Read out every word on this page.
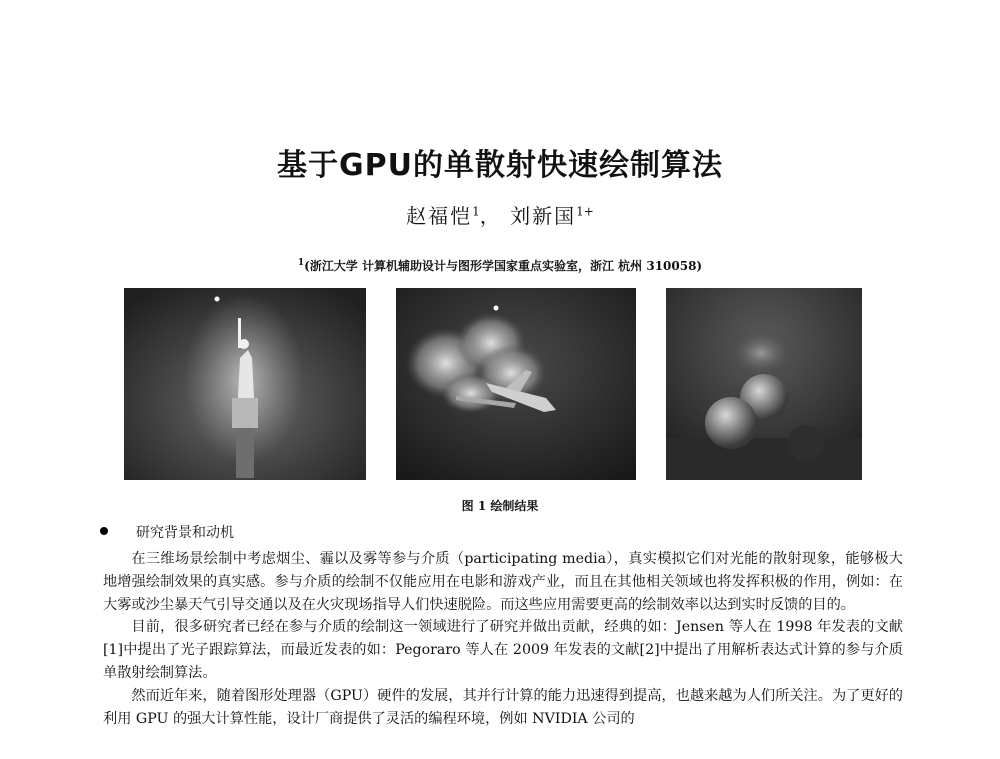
基于GPU的单散射快速绘制算法
赵福恺$^1$， 刘新国$^{1+}$
$^1$(浙江大学 计算机辅助设计与图形学国家重点实验室，浙江 杭州 310058)
图 1 绘制结果
研究背景和动机

在三维场景绘制中考虑烟尘、霾以及雾等参与介质（participating media），真实模拟它们对光能的散射现象，能够极大地增强绘制效果的真实感。参与介质的绘制不仅能应用在电影和游戏产业，而且在其他相关领域也将发挥积极的作用，例如：在大雾或沙尘暴天气引导交通以及在火灾现场指导人们快速脱险。而这些应用需要更高的绘制效率以达到实时反馈的目的。

目前，很多研究者已经在参与介质的绘制这一领域进行了研究并做出贡献，经典的如：Jensen 等人在 1998 年发表的文献[1]中提出了光子跟踪算法，而最近发表的如：Pegoraro 等人在 2009 年发表的文献[2]中提出了用解析表达式计算的参与介质单散射绘制算法。

然而近年来，随着图形处理器（GPU）硬件的发展，其并行计算的能力迅速得到提高，也越来越为人们所关注。为了更好的利用 GPU 的强大计算性能，设计厂商提供了灵活的编程环境，例如 NVIDIA 公司的
